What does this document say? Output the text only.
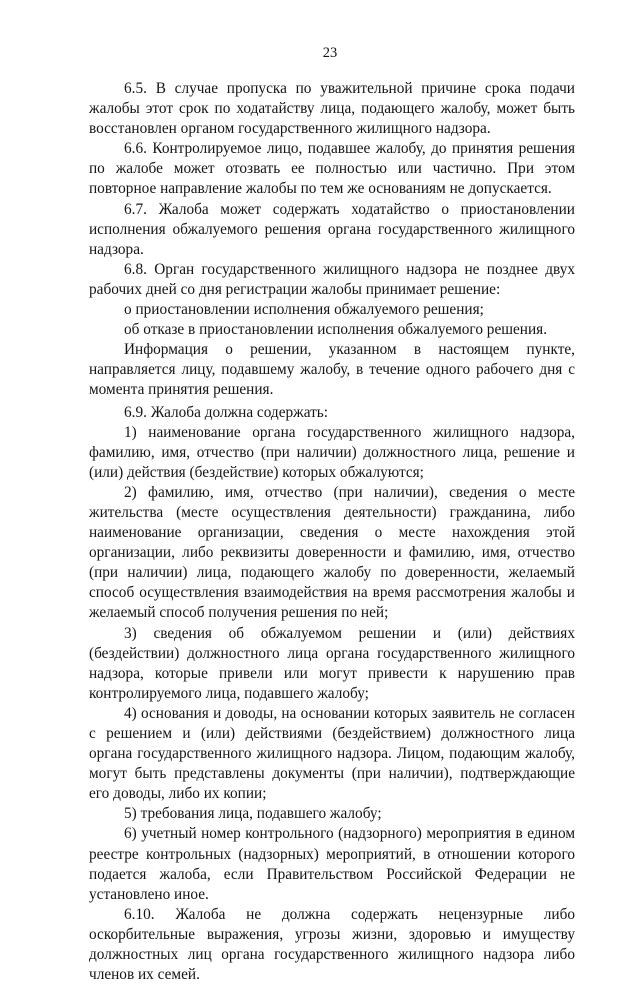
23

6.5. В случае пропуска по уважительной причине срока подачи жалобы этот срок по ходатайству лица, подающего жалобу, может быть восстановлен органом государственного жилищного надзора.

6.6. Контролируемое лицо, подавшее жалобу, до принятия решения по жалобе может отозвать ее полностью или частично. При этом повторное направление жалобы по тем же основаниям не допускается.

6.7. Жалоба может содержать ходатайство о приостановлении исполнения обжалуемого решения органа государственного жилищного надзора.

6.8. Орган государственного жилищного надзора не позднее двух рабочих дней со дня регистрации жалобы принимает решение:

о приостановлении исполнения обжалуемого решения;

об отказе в приостановлении исполнения обжалуемого решения.

Информация о решении, указанном в настоящем пункте, направляется лицу, подавшему жалобу, в течение одного рабочего дня с момента принятия решения.

6.9. Жалоба должна содержать:

1) наименование органа государственного жилищного надзора, фамилию, имя, отчество (при наличии) должностного лица, решение и (или) действия (бездействие) которых обжалуются;

2) фамилию, имя, отчество (при наличии), сведения о месте жительства (месте осуществления деятельности) гражданина, либо наименование организации, сведения о месте нахождения этой организации, либо реквизиты доверенности и фамилию, имя, отчество (при наличии) лица, подающего жалобу по доверенности, желаемый способ осуществления взаимодействия на время рассмотрения жалобы и желаемый способ получения решения по ней;

3) сведения об обжалуемом решении и (или) действиях (бездействии) должностного лица органа государственного жилищного надзора, которые привели или могут привести к нарушению прав контролируемого лица, подавшего жалобу;

4) основания и доводы, на основании которых заявитель не согласен с решением и (или) действиями (бездействием) должностного лица органа государственного жилищного надзора. Лицом, подающим жалобу, могут быть представлены документы (при наличии), подтверждающие его доводы, либо их копии;

5) требования лица, подавшего жалобу;

6) учетный номер контрольного (надзорного) мероприятия в едином реестре контрольных (надзорных) мероприятий, в отношении которого подается жалоба, если Правительством Российской Федерации не установлено иное.

6.10. Жалоба не должна содержать нецензурные либо оскорбительные выражения, угрозы жизни, здоровью и имуществу должностных лиц органа государственного жилищного надзора либо членов их семей.
